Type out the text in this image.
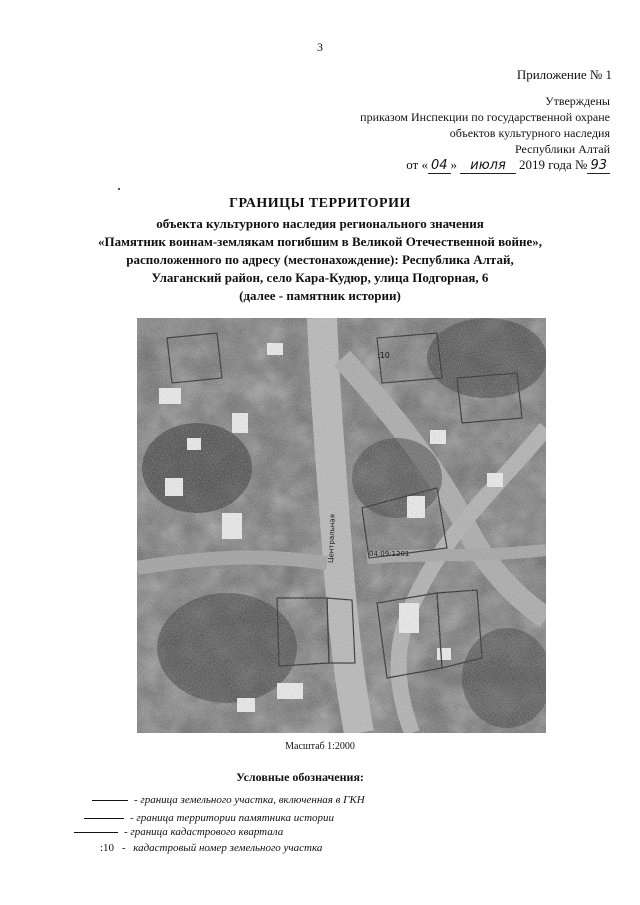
3
Приложение № 1
Утверждены
приказом Инспекции по государственной охране
объектов культурного наследия
Республики Алтай
от « 04 » июля 2019 года № 93
ГРАНИЦЫ ТЕРРИТОРИИ
объекта культурного наследия регионального значения
«Памятник воинам-землякам погибшим в Великой Отечественной войне»,
расположенного по адресу (местонахождение): Республика Алтай,
Улаганский район, село Кара-Кудюр, улица Подгорная, 6
(далее - памятник истории)
Центральная
:10
04:09:1201
Масштаб 1:2000
Условные обозначения:
- граница земельного участка, включенная в ГКН
- граница территории памятника истории
- граница кадастрового квартала
:10 - кадастровый номер земельного участка
